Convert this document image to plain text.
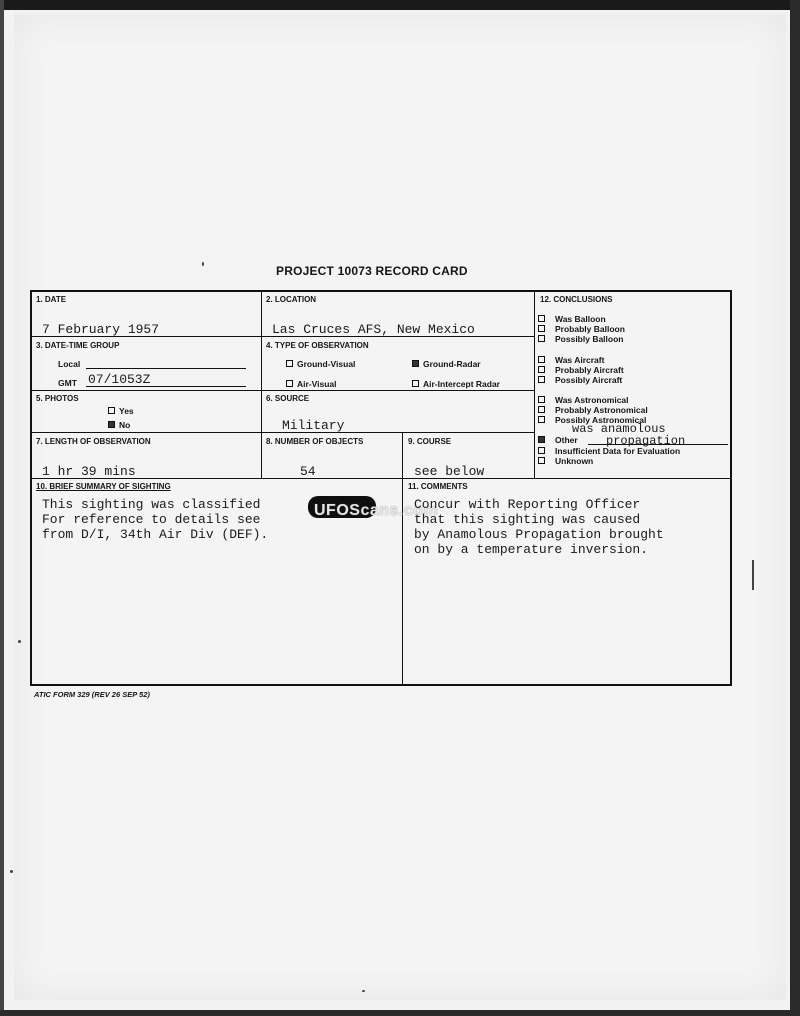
PROJECT 10073 RECORD CARD
1. DATE
7 February 1957
2. LOCATION
Las Cruces AFS, New Mexico
3. DATE-TIME GROUP
Local
GMT 07/1053Z
4. TYPE OF OBSERVATION
Ground-Visual	Ground-Radar
Air-Visual	Air-Intercept Radar
5. PHOTOS
Yes
No
6. SOURCE
Military
7. LENGTH OF OBSERVATION
1 hr 39 mins
8. NUMBER OF OBJECTS
54
9. COURSE
see below
10. BRIEF SUMMARY OF SIGHTING
This sighting was classified
For reference to details see
from D/I, 34th Air Div (DEF).
UFOScans.com
11. COMMENTS
Concur with Reporting Officer
that this sighting was caused
by Anamolous Propagation brought
on by a temperature inversion.
12. CONCLUSIONS
Was Balloon
Probably Balloon
Possibly Balloon
Was Aircraft
Probably Aircraft
Possibly Aircraft
Was Astronomical
Probably Astronomical
Possibly Astronomical
was anamolous
Other propagation
Insufficient Data for Evaluation
Unknown
ATIC FORM 329 (REV 26 SEP 52)
